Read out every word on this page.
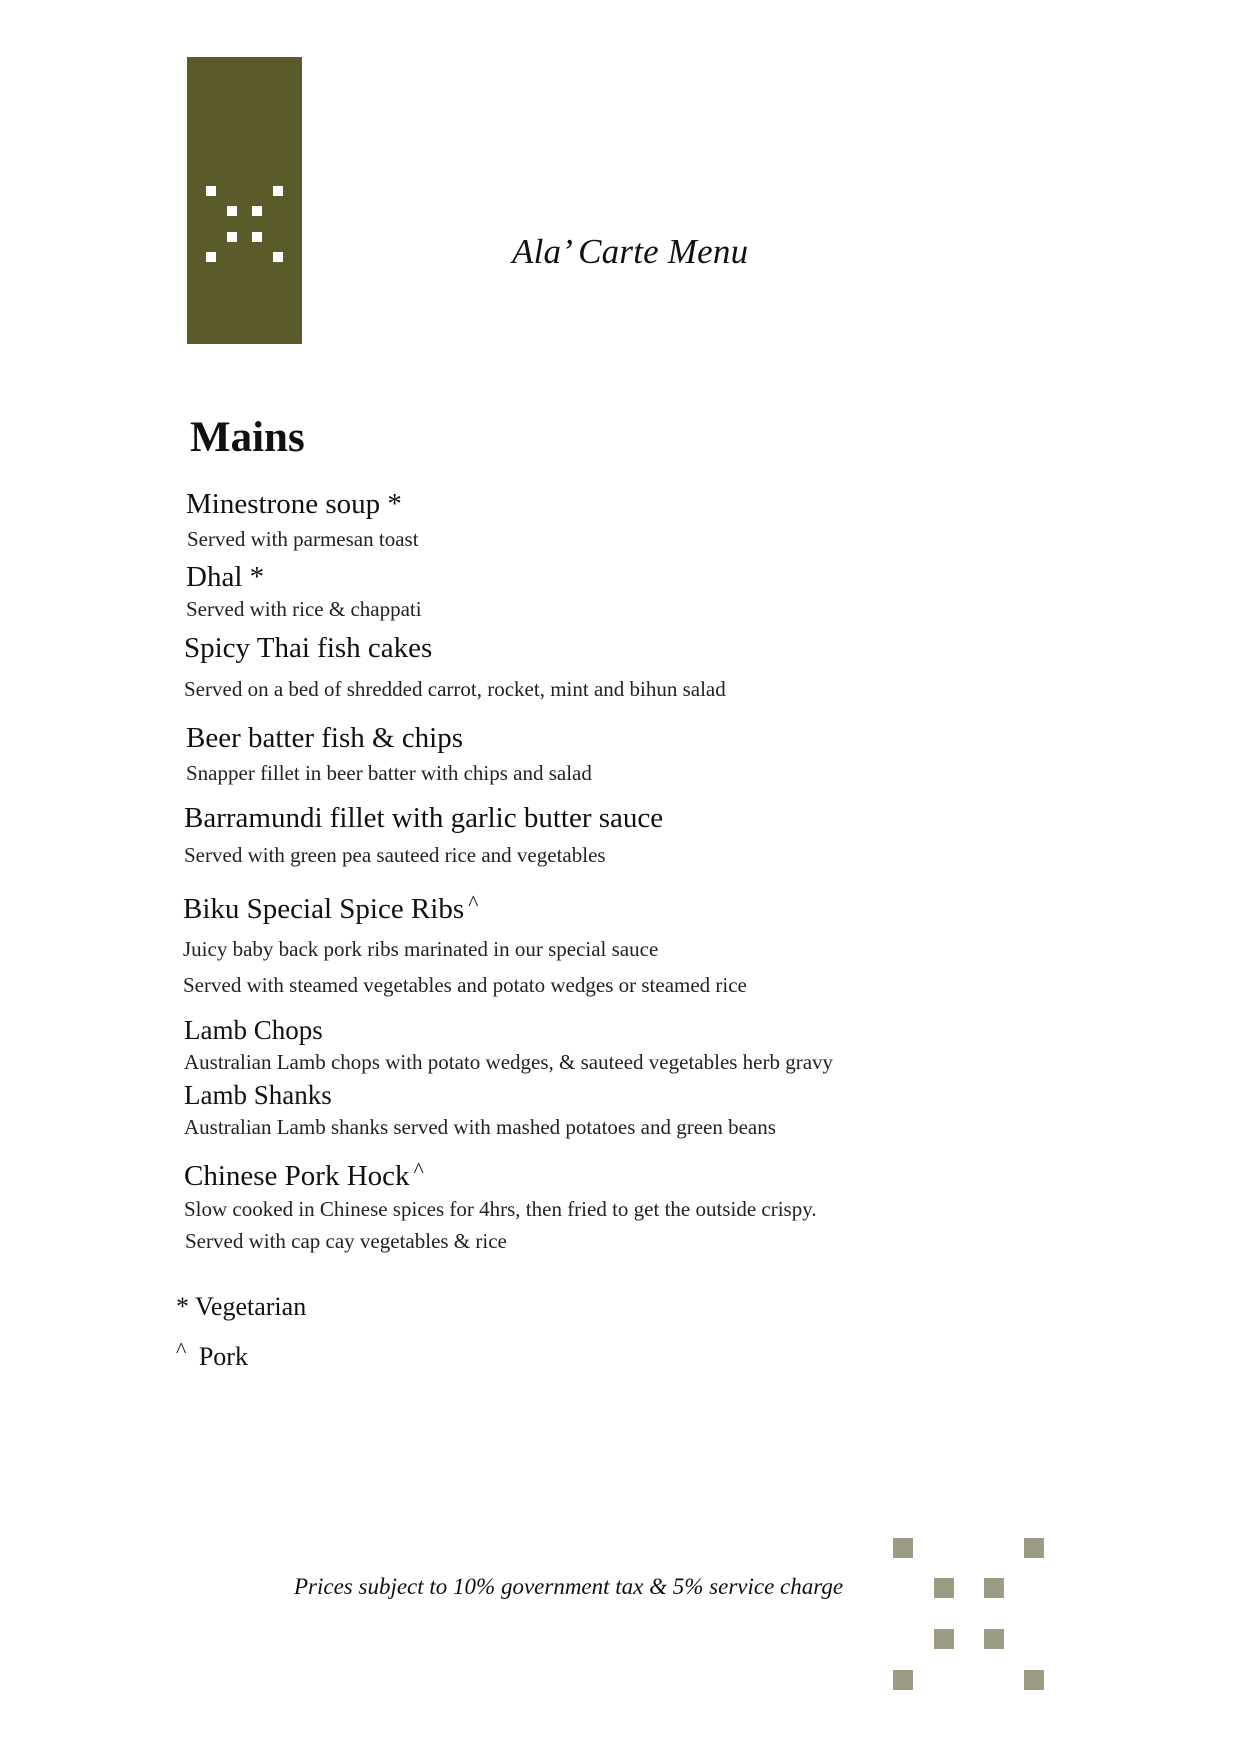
Ala’ Carte Menu
Mains
Minestrone soup *
Served with parmesan toast
Dhal *
Served with rice & chappati
Spicy Thai fish cakes
Served on a bed of shredded carrot, rocket, mint and bihun salad
Beer batter fish & chips
Snapper fillet in beer batter with chips and salad
Barramundi fillet with garlic butter sauce
Served with green pea sauteed rice and vegetables
Biku Special Spice Ribs ^
Juicy baby back pork ribs marinated in our special sauce
Served with steamed vegetables and potato wedges or steamed rice
Lamb Chops
Australian Lamb chops with potato wedges, & sauteed vegetables herb gravy
Lamb Shanks
Australian Lamb shanks served with mashed potatoes and green beans
Chinese Pork Hock ^
Slow cooked in Chinese spices for 4hrs, then fried to get the outside crispy.
Served with cap cay vegetables & rice
* Vegetarian
^ Pork
Prices subject to 10% government tax & 5% service charge
